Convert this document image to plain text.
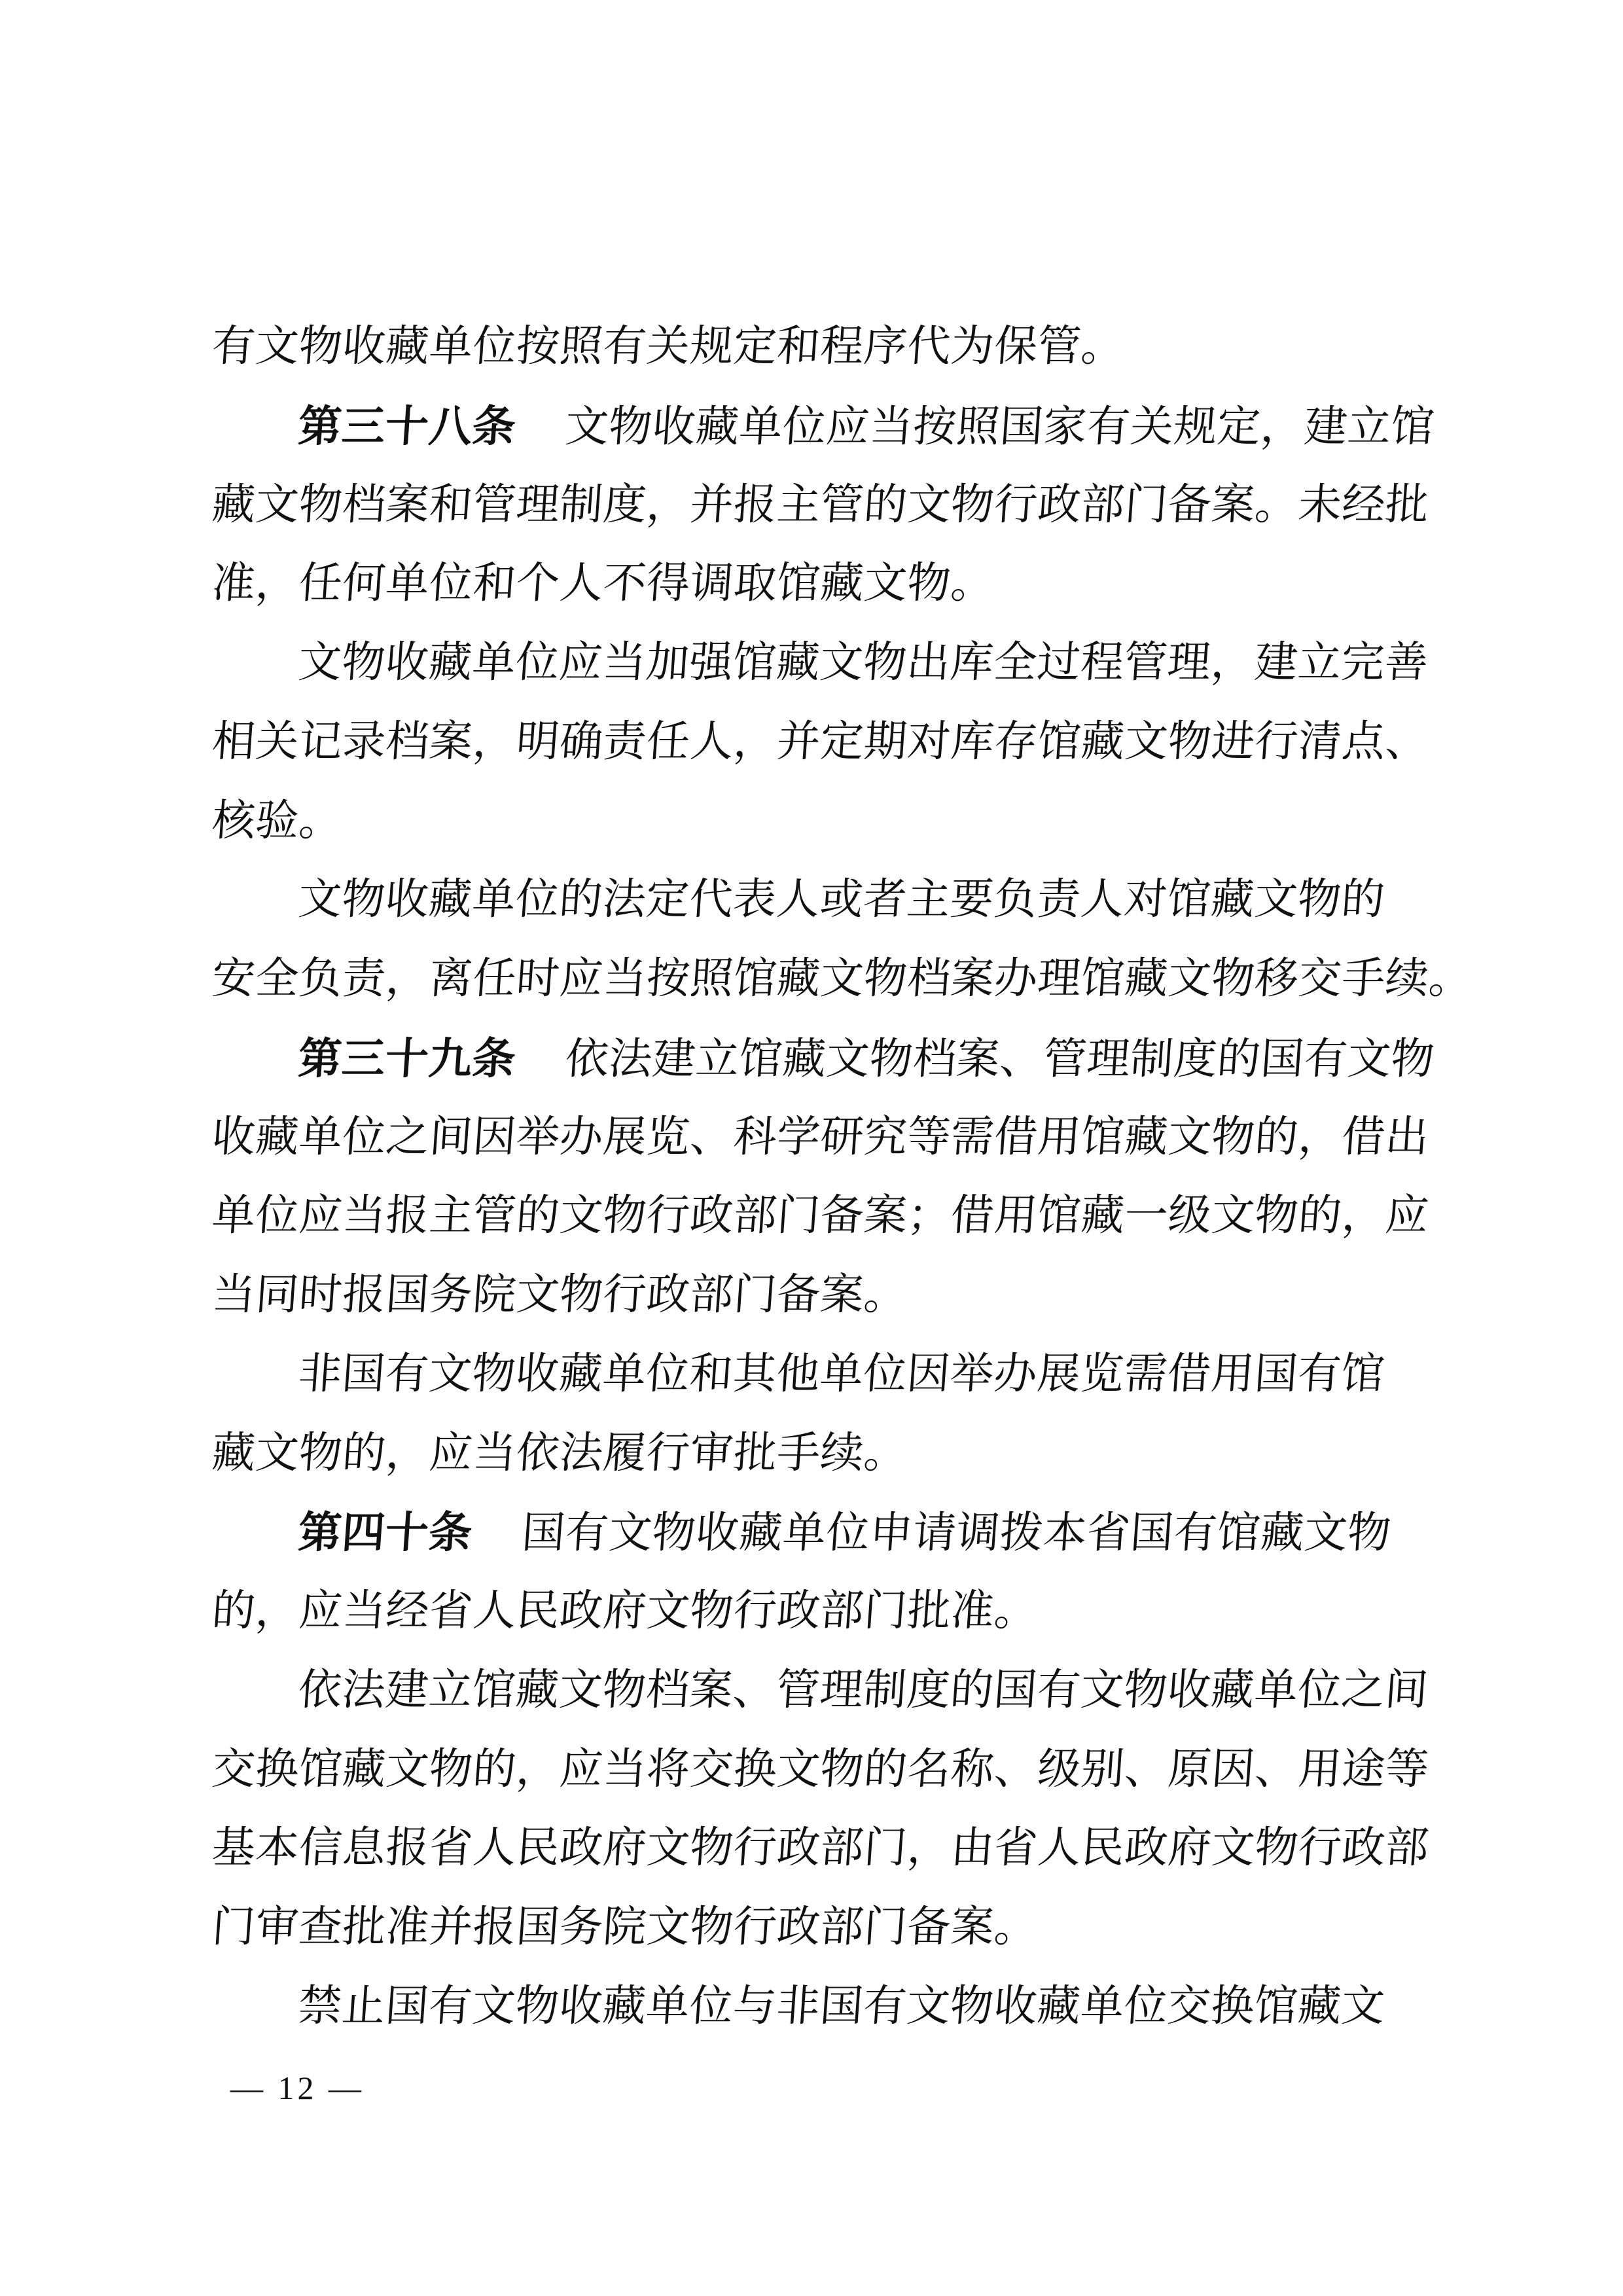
有文物收藏单位按照有关规定和程序代为保管。
第三十八条 文物收藏单位应当按照国家有关规定，建立馆
藏文物档案和管理制度，并报主管的文物行政部门备案。未经批
准，任何单位和个人不得调取馆藏文物。
文物收藏单位应当加强馆藏文物出库全过程管理，建立完善
相关记录档案，明确责任人，并定期对库存馆藏文物进行清点、
核验。
文物收藏单位的法定代表人或者主要负责人对馆藏文物的
安全负责，离任时应当按照馆藏文物档案办理馆藏文物移交手续。
第三十九条 依法建立馆藏文物档案、管理制度的国有文物
收藏单位之间因举办展览、科学研究等需借用馆藏文物的，借出
单位应当报主管的文物行政部门备案；借用馆藏一级文物的，应
当同时报国务院文物行政部门备案。
非国有文物收藏单位和其他单位因举办展览需借用国有馆
藏文物的，应当依法履行审批手续。
第四十条 国有文物收藏单位申请调拨本省国有馆藏文物
的，应当经省人民政府文物行政部门批准。
依法建立馆藏文物档案、管理制度的国有文物收藏单位之间
交换馆藏文物的，应当将交换文物的名称、级别、原因、用途等
基本信息报省人民政府文物行政部门，由省人民政府文物行政部
门审查批准并报国务院文物行政部门备案。
禁止国有文物收藏单位与非国有文物收藏单位交换馆藏文
— 12 —
